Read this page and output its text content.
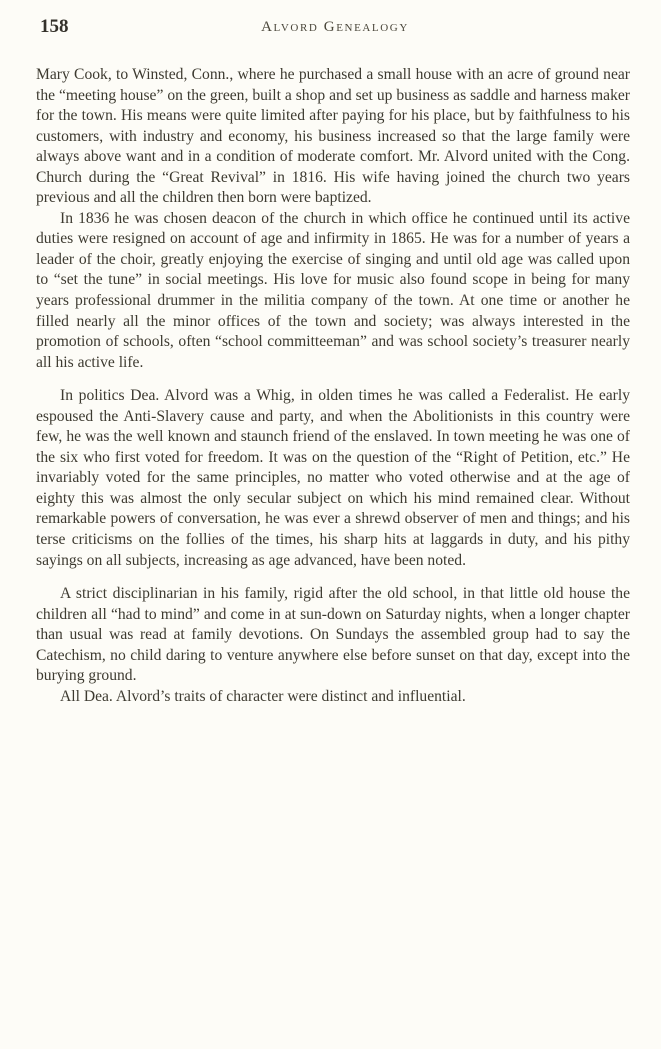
158	Alvord Genealogy

Mary Cook, to Winsted, Conn., where he purchased a small house with an acre of ground near the “meeting house” on the green, built a shop and set up business as saddle and harness maker for the town. His means were quite limited after paying for his place, but by faithfulness to his customers, with industry and economy, his business increased so that the large family were always above want and in a condition of moderate comfort. Mr. Alvord united with the Cong. Church during the “Great Revival” in 1816. His wife having joined the church two years previous and all the children then born were baptized.

In 1836 he was chosen deacon of the church in which office he continued until its active duties were resigned on account of age and infirmity in 1865. He was for a number of years a leader of the choir, greatly enjoying the exercise of singing and until old age was called upon to “set the tune” in social meetings. His love for music also found scope in being for many years professional drummer in the militia company of the town. At one time or another he filled nearly all the minor offices of the town and society; was always interested in the promotion of schools, often “school committeeman” and was school society’s treasurer nearly all his active life.

In politics Dea. Alvord was a Whig, in olden times he was called a Federalist. He early espoused the Anti-Slavery cause and party, and when the Abolitionists in this country were few, he was the well known and staunch friend of the enslaved. In town meeting he was one of the six who first voted for freedom. It was on the question of the “Right of Petition, etc.” He invariably voted for the same principles, no matter who voted otherwise and at the age of eighty this was almost the only secular subject on which his mind remained clear. Without remarkable powers of conversation, he was ever a shrewd observer of men and things; and his terse criticisms on the follies of the times, his sharp hits at laggards in duty, and his pithy sayings on all subjects, increasing as age advanced, have been noted.

A strict disciplinarian in his family, rigid after the old school, in that little old house the children all “had to mind” and come in at sun-down on Saturday nights, when a longer chapter than usual was read at family devotions. On Sundays the assembled group had to say the Catechism, no child daring to venture anywhere else before sunset on that day, except into the burying ground.

All Dea. Alvord’s traits of character were distinct and influential.
